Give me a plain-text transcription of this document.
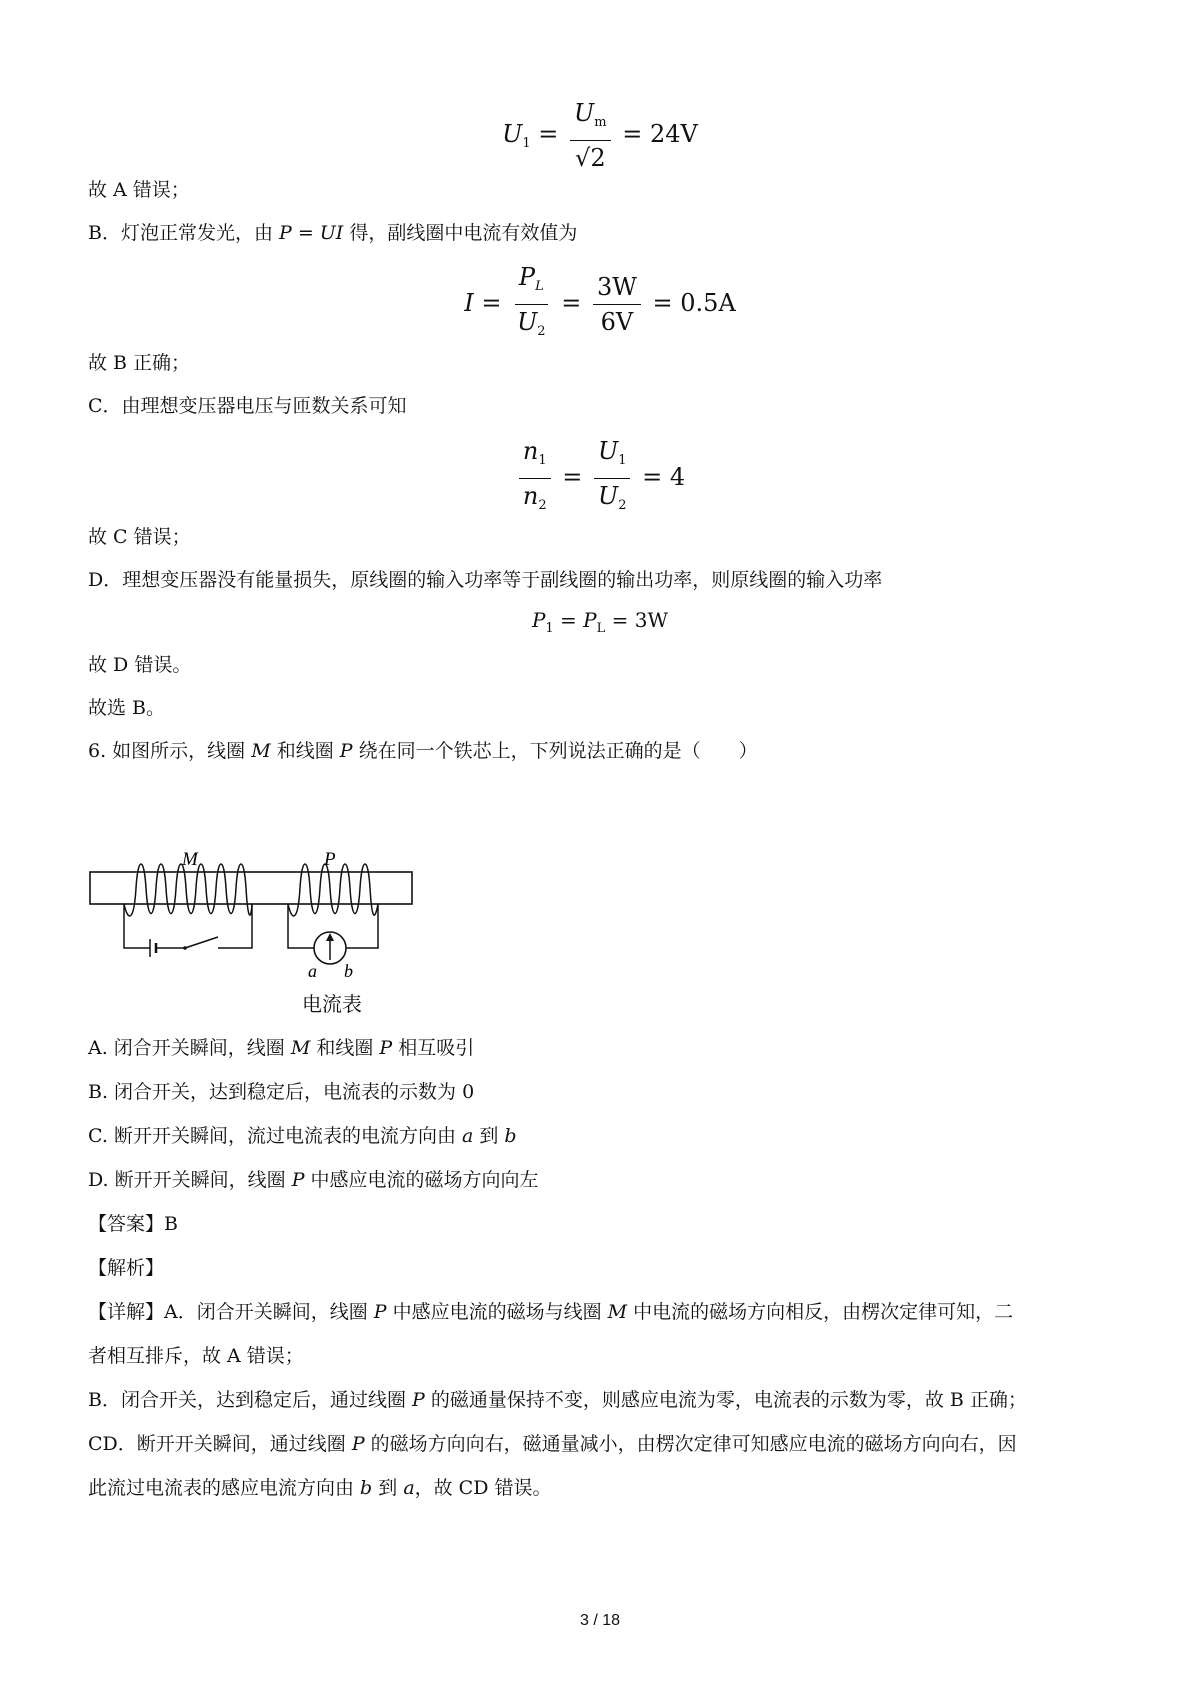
$U_1 = \frac{U_m}{√2} = 24V$
故 A 错误；
B．灯泡正常发光，由 P = UI 得，副线圈中电流有效值为
$I = \frac{P_L}{U_2} = \frac{3W}{6V} = 0.5A$
故 B 正确；
C．由理想变压器电压与匝数关系可知
$\frac{n_1}{n_2} = \frac{U_1}{U_2} = 4$
故 C 错误；
D．理想变压器没有能量损失，原线圈的输入功率等于副线圈的输出功率，则原线圈的输入功率
$P_1 = P_L = 3W$
故 D 错误。
故选 B。
6. 如图所示，线圈 M 和线圈 P 绕在同一个铁芯上，下列说法正确的是（　　）
M	P
a b
电流表
A. 闭合开关瞬间，线圈 M 和线圈 P 相互吸引
B. 闭合开关，达到稳定后，电流表的示数为 0
C. 断开开关瞬间，流过电流表的电流方向由 a 到 b
D. 断开开关瞬间，线圈 P 中感应电流的磁场方向向左
【答案】B
【解析】
【详解】A．闭合开关瞬间，线圈 P 中感应电流的磁场与线圈 M 中电流的磁场方向相反，由楞次定律可知，二
者相互排斥，故 A 错误；
B．闭合开关，达到稳定后，通过线圈 P 的磁通量保持不变，则感应电流为零，电流表的示数为零，故 B 正确；
CD．断开开关瞬间，通过线圈 P 的磁场方向向右，磁通量减小，由楞次定律可知感应电流的磁场方向向右，因
此流过电流表的感应电流方向由 b 到 a，故 CD 错误。
3 / 18
